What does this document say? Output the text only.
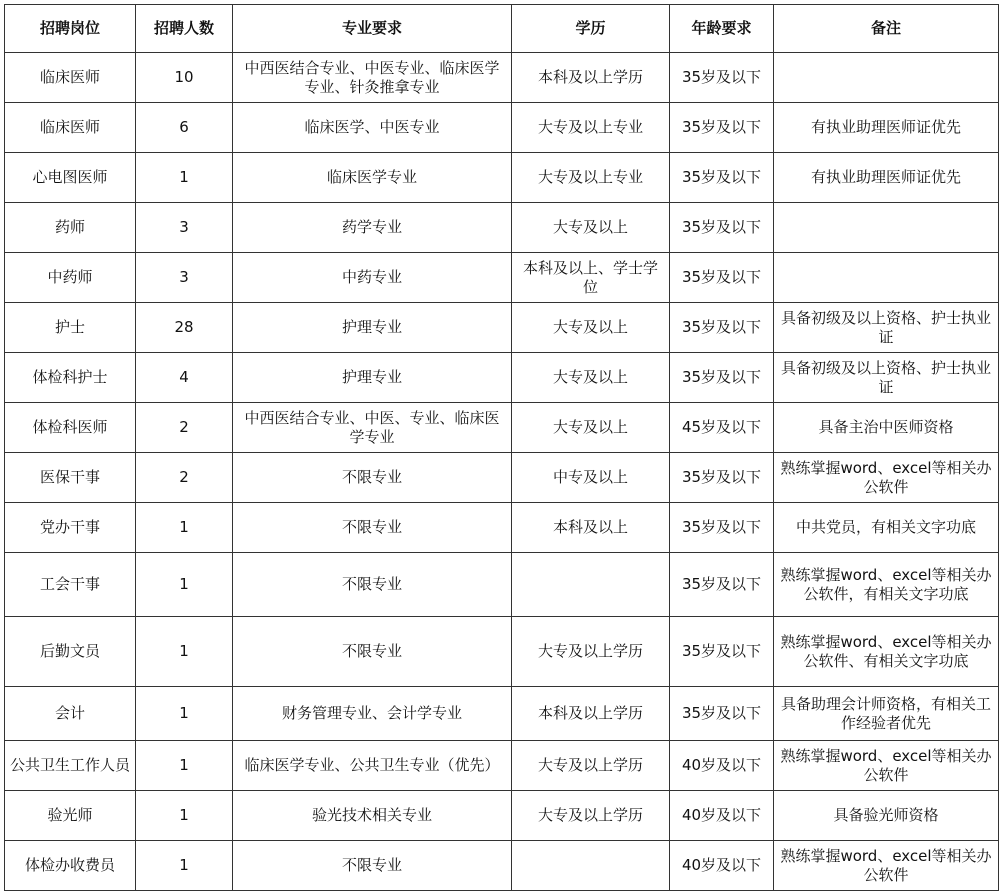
招聘岗位	招聘人数	专业要求	学历	年龄要求	备注
临床医师	10	中西医结合专业、中医专业、临床医学专业、针灸推拿专业	本科及以上学历	35岁及以下	
临床医师	6	临床医学、中医专业	大专及以上专业	35岁及以下	有执业助理医师证优先
心电图医师	1	临床医学专业	大专及以上专业	35岁及以下	有执业助理医师证优先
药师	3	药学专业	大专及以上	35岁及以下	
中药师	3	中药专业	本科及以上、学士学位	35岁及以下	
护士	28	护理专业	大专及以上	35岁及以下	具备初级及以上资格、护士执业证
体检科护士	4	护理专业	大专及以上	35岁及以下	具备初级及以上资格、护士执业证
体检科医师	2	中西医结合专业、中医、专业、临床医学专业	大专及以上	45岁及以下	具备主治中医师资格
医保干事	2	不限专业	中专及以上	35岁及以下	熟练掌握word、excel等相关办公软件
党办干事	1	不限专业	本科及以上	35岁及以下	中共党员，有相关文字功底
工会干事	1	不限专业		35岁及以下	熟练掌握word、excel等相关办公软件，有相关文字功底
后勤文员	1	不限专业	大专及以上学历	35岁及以下	熟练掌握word、excel等相关办公软件、有相关文字功底
会计	1	财务管理专业、会计学专业	本科及以上学历	35岁及以下	具备助理会计师资格，有相关工作经验者优先
公共卫生工作人员	1	临床医学专业、公共卫生专业（优先）	大专及以上学历	40岁及以下	熟练掌握word、excel等相关办公软件
验光师	1	验光技术相关专业	大专及以上学历	40岁及以下	具备验光师资格
体检办收费员	1	不限专业		40岁及以下	熟练掌握word、excel等相关办公软件
